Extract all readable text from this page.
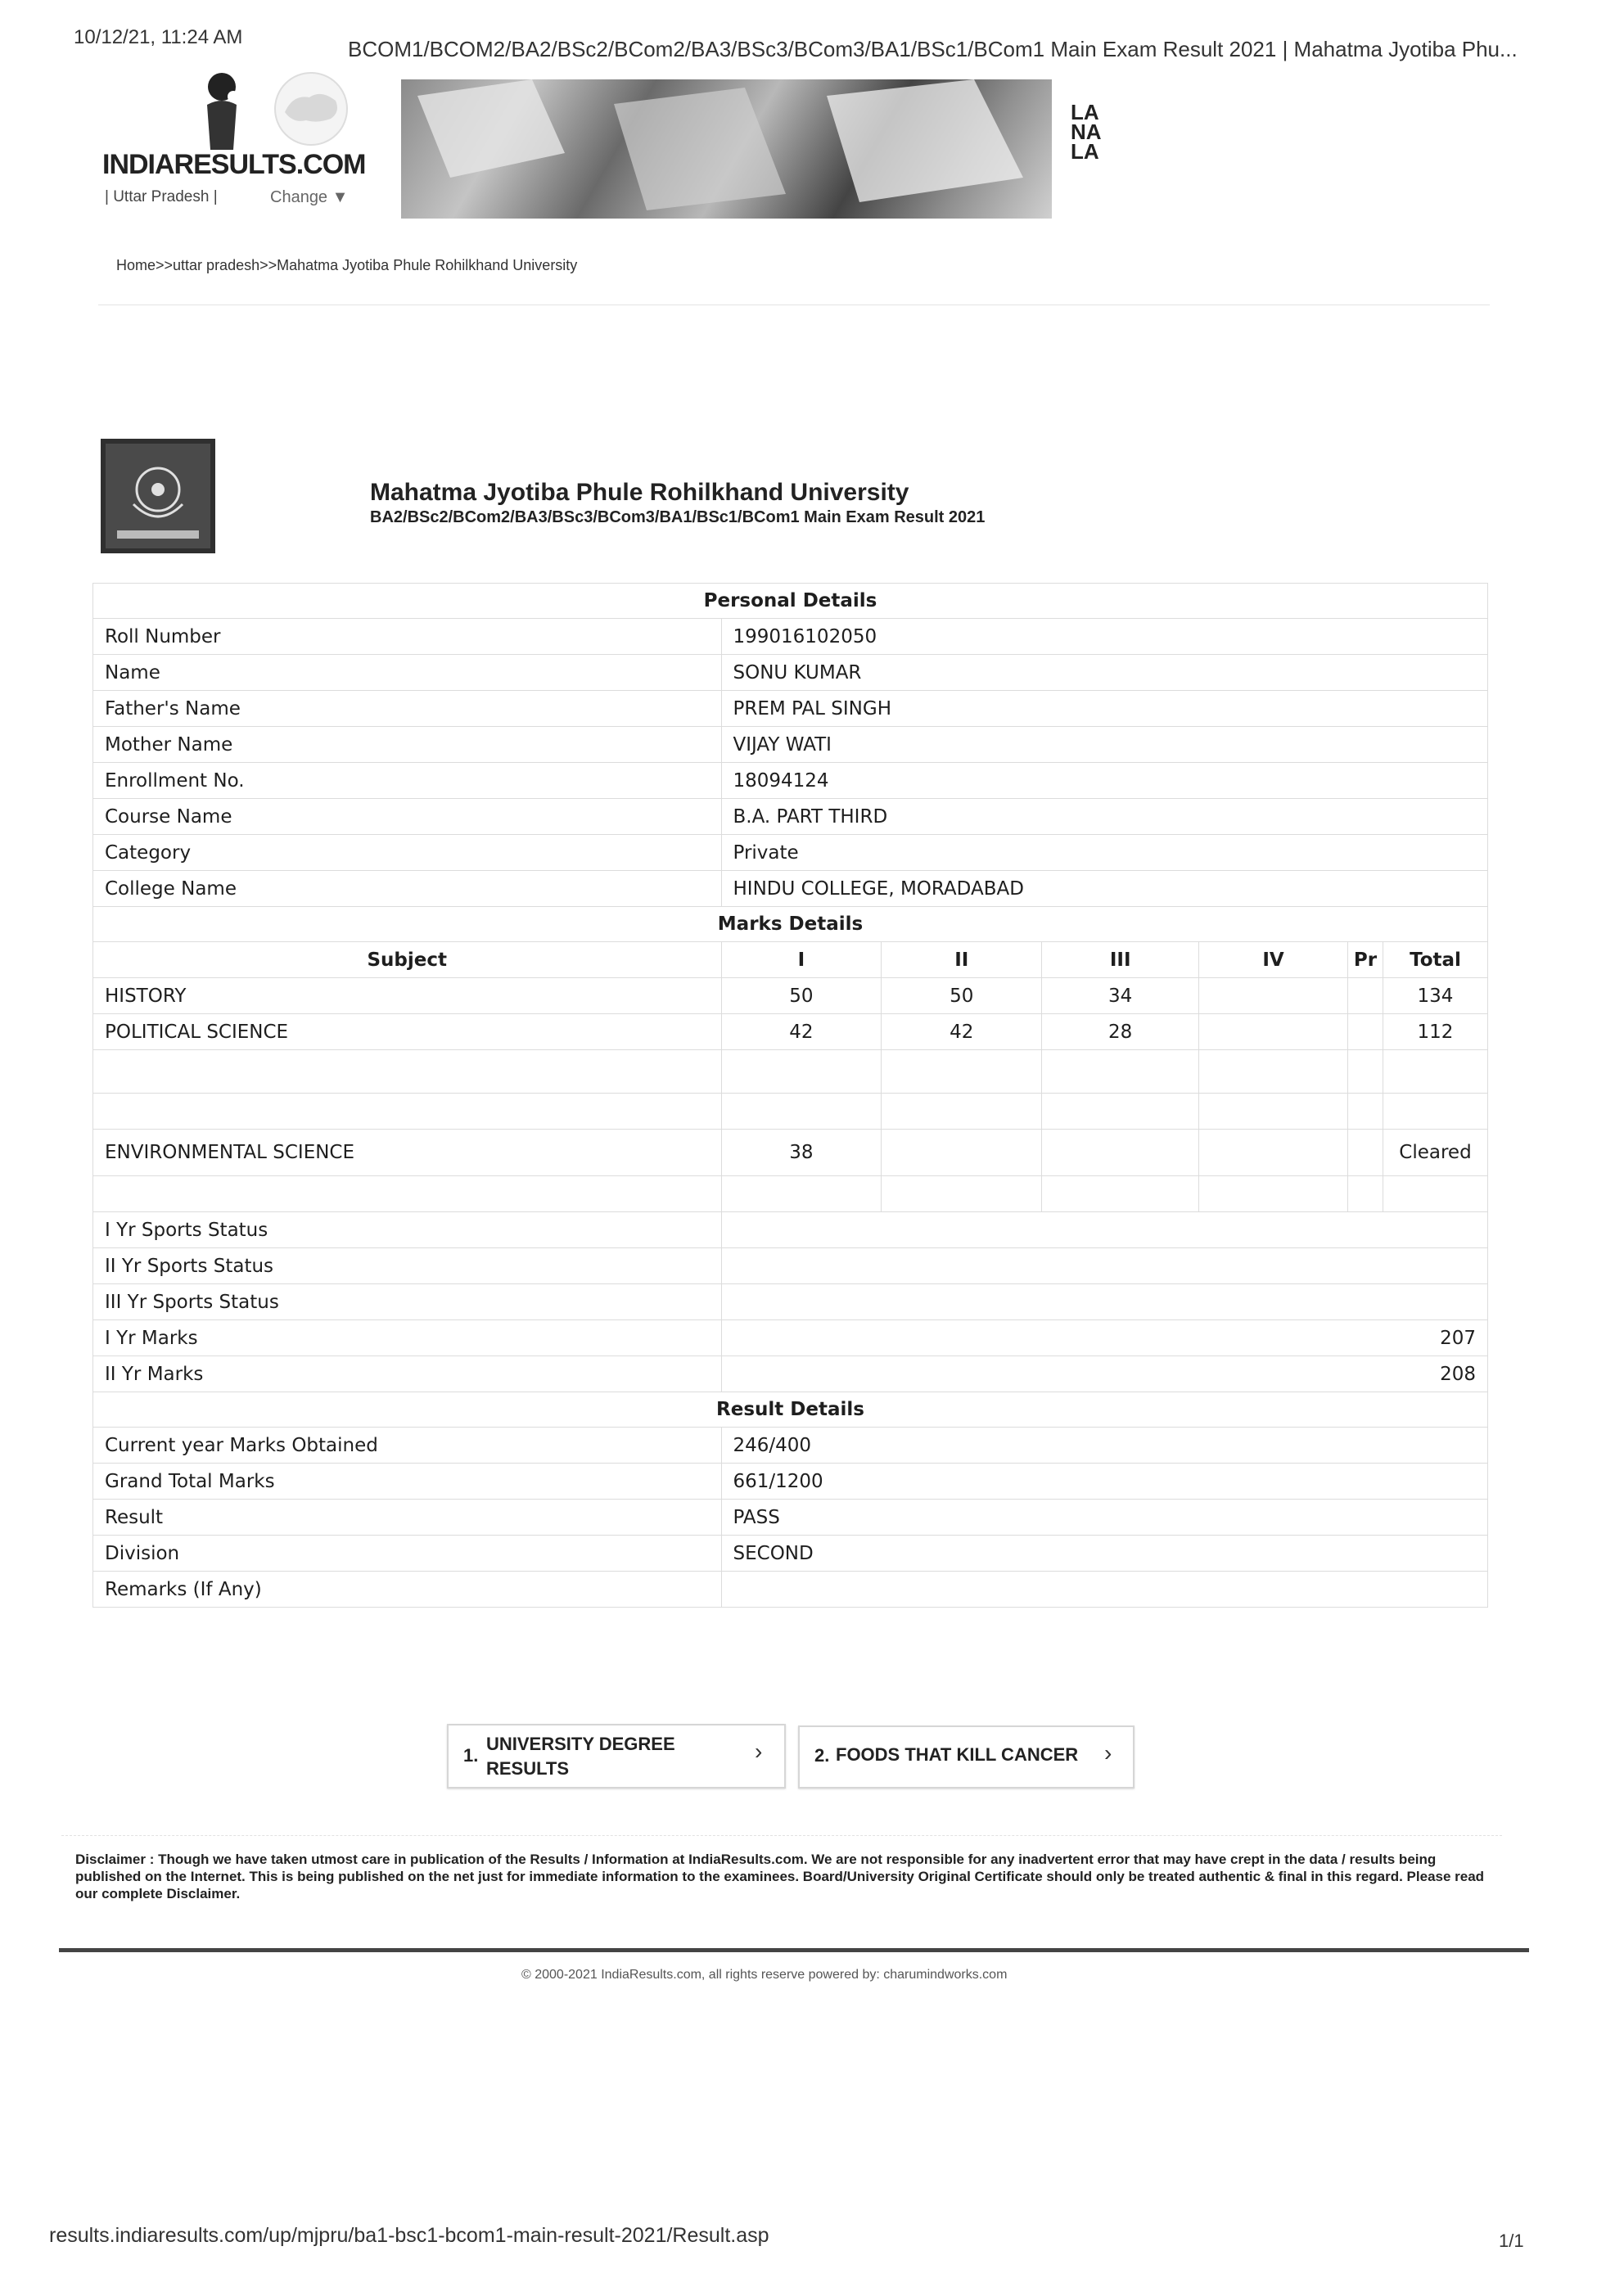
10/12/21, 11:24 AM	BCOM1/BCOM2/BA2/BSc2/BCom2/BA3/BSc3/BCom3/BA1/BSc1/BCom1 Main Exam Result 2021 | Mahatma Jyotiba Phu...
INDIARESULTS.COM
| Uttar Pradesh |	Change ▼
LA
NA
LA
Home>>uttar pradesh>>Mahatma Jyotiba Phule Rohilkhand University
Mahatma Jyotiba Phule Rohilkhand University
BA2/BSc2/BCom2/BA3/BSc3/BCom3/BA1/BSc1/BCom1 Main Exam Result 2021
Personal Details						
Roll Number	199016102050					
Name	SONU KUMAR					
Father's Name	PREM PAL SINGH					
Mother Name	VIJAY WATI					
Enrollment No.	18094124					
Course Name	B.A. PART THIRD					
Category	Private					
College Name	HINDU COLLEGE, MORADABAD					
Marks Details						
Subject	I	II	III	IV	Pr	Total
HISTORY	50	50	34			134
POLITICAL SCIENCE	42	42	28			112

ENVIRONMENTAL SCIENCE	38					Cleared

I Yr Sports Status						
II Yr Sports Status						
III Yr Sports Status						
I Yr Marks	207					
II Yr Marks	208					
Result Details						
Current year Marks Obtained	246/400					
Grand Total Marks	661/1200					
Result	PASS					
Division	SECOND					
Remarks (If Any)						
1.
UNIVERSITY DEGREE
RESULTS
›	2. FOODS THAT KILL CANCER ›
Disclaimer : Though we have taken utmost care in publication of the Results / Information at IndiaResults.com. We are not responsible for any inadvertent error that may have crept in the data / results being published on the Internet. This is being published on the net just for immediate information to the examinees. Board/University Original Certificate should only be treated authentic & final in this regard. Please read our complete Disclaimer.
© 2000-2021 IndiaResults.com, all rights reserve powered by: charumindworks.com
results.indiaresults.com/up/mjpru/ba1-bsc1-bcom1-main-result-2021/Result.asp	1/1
